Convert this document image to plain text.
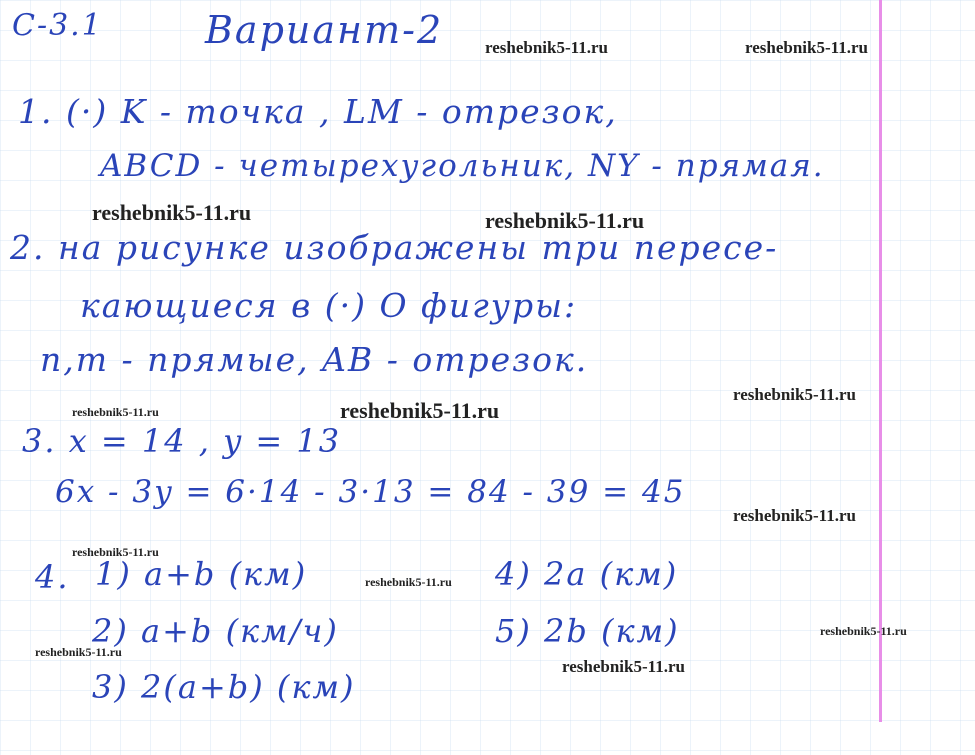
С-3.1	Вариант-2
1. (·) K - точка , LM - отрезок,
ABCD - четырехугольник, NY - прямая.
2. на рисунке изображены три пересе-
кающиеся в (·) O фигуры:
n,m - прямые, AB - отрезок.
3. x = 14 , y = 13
6x - 3y = 6·14 - 3·13 = 84 - 39 = 45
4. 1) a+b (км)
2) a+b (км/ч)
3) 2(a+b) (км)
4) 2a (км)
5) 2b (км)
reshebnik5-11.ru	reshebnik5-11.ru
reshebnik5-11.ru	reshebnik5-11.ru
reshebnik5-11.ru
reshebnik5-11.ru	reshebnik5-11.ru
reshebnik5-11.ru
reshebnik5-11.ru
reshebnik5-11.ru
reshebnik5-11.ru
reshebnik5-11.ru
reshebnik5-11.ru
